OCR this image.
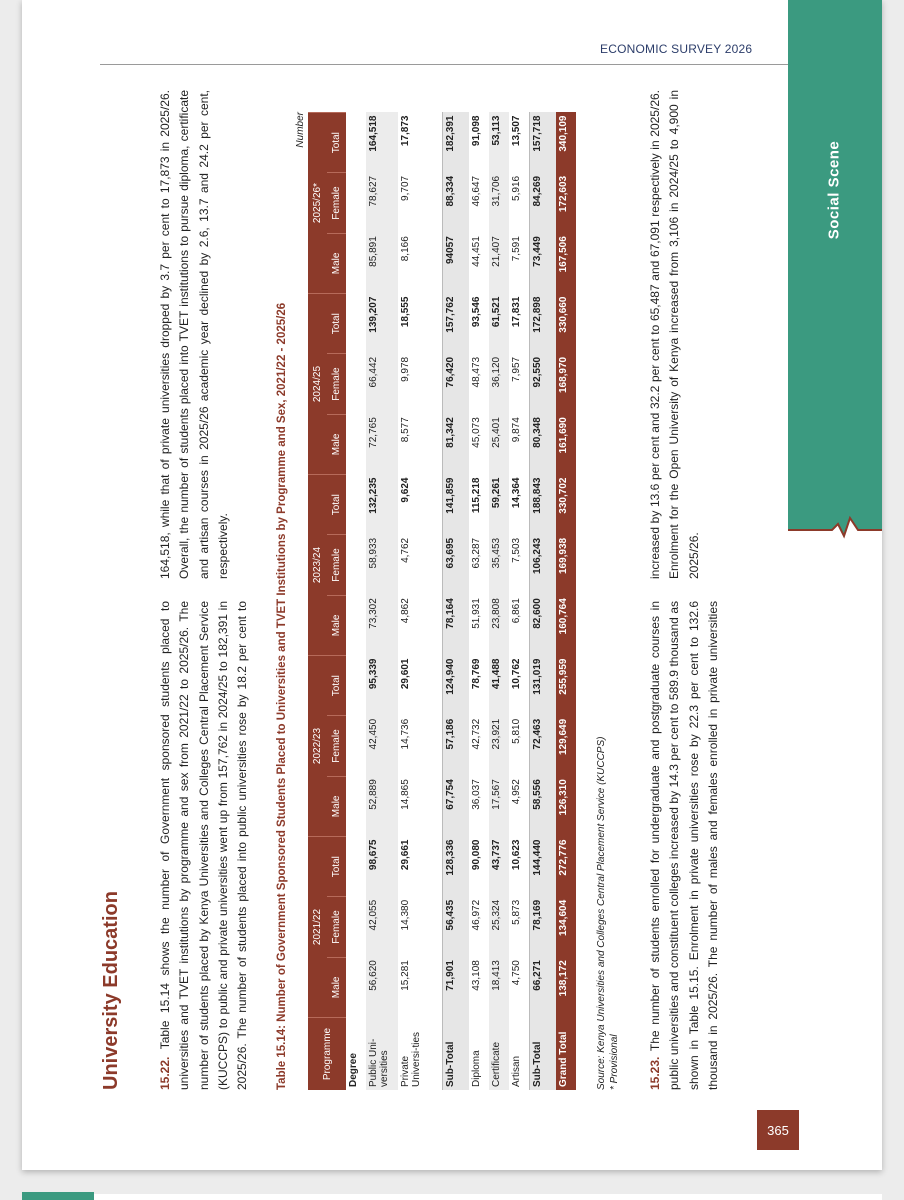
ECONOMIC SURVEY 2026
Social Scene
365
University Education	15.22. Table 15.14 shows the number of Government sponsored students placed to universities and TVET institutions by programme and sex from 2021/22 to 2025/26. The number of students placed by Kenya Universities and Colleges Central Placement Service (KUCCPS) to public and private universities went up from 157,762 in 2024/25 to 182,391 in 2025/26. The number of students placed into public universities rose by 18.2 per cent to 164,518, while that of private universities dropped by 3.7 per cent to 17,873 in 2025/26. Overall, the number of students placed into TVET institutions to pursue diploma, certificate and artisan courses in 2025/26 academic year declined by 2.6, 13.7 and 24.2 per cent, respectively.	Table 15.14: Number of Government Sponsored Students Placed to Universities and TVET Institutions by Programme and Sex, 2021/22 - 2025/26

Number
Programme	2021/22			2022/23			2023/24			2024/25			2025/26*		
	Male	Female	Total	Male	Female	Total	Male	Female	Total	Male	Female	Total	Male	Female	Total
Degree															
Public Uni-versities	56,620	42,055	98,675	52,889	42,450	95,339	73,302	58,933	132,235	72,765	66,442	139,207	85,891	78,627	164,518
Private Universi-ties	15,281	14,380	29,661	14,865	14,736	29,601	4,862	4,762	9,624	8,577	9,978	18,555	8,166	9,707	17,873
Sub-Total	71,901	56,435	128,336	67,754	57,186	124,940	78,164	63,695	141,859	81,342	76,420	157,762	94057	88,334	182,391
Diploma	43,108	46,972	90,080	36,037	42,732	78,769	51,931	63,287	115,218	45,073	48,473	93,546	44,451	46,647	91,098
Certificate	18,413	25,324	43,737	17,567	23,921	41,488	23,808	35,453	59,261	25,401	36,120	61,521	21,407	31,706	53,113
Artisan	4,750	5,873	10,623	4,952	5,810	10,762	6,861	7,503	14,364	9,874	7,957	17,831	7,591	5,916	13,507
Sub-Total	66,271	78,169	144,440	58,556	72,463	131,019	82,600	106,243	188,843	80,348	92,550	172,898	73,449	84,269	157,718
Grand Total	138,172	134,604	272,776	126,310	129,649	255,959	160,764	169,938	330,702	161,690	168,970	330,660	167,506	172,603	340,109

Source: Kenya Universities and Colleges Central Placement Service (KUCCPS) * Provisional 15.23. The number of students enrolled for undergraduate and postgraduate courses in public universities and constituent colleges increased by 14.3 per cent to 589.9 thousand as shown in Table 15.15. Enrolment in private universities rose by 22.3 per cent to 132.6 thousand in 2025/26. The number of males and females enrolled in private universities increased by 13.6 per cent and 32.2 per cent to 65,487 and 67,091 respectively in 2025/26. Enrolment for the Open University of Kenya increased from 3,106 in 2024/25 to 4,900 in 2025/26.
